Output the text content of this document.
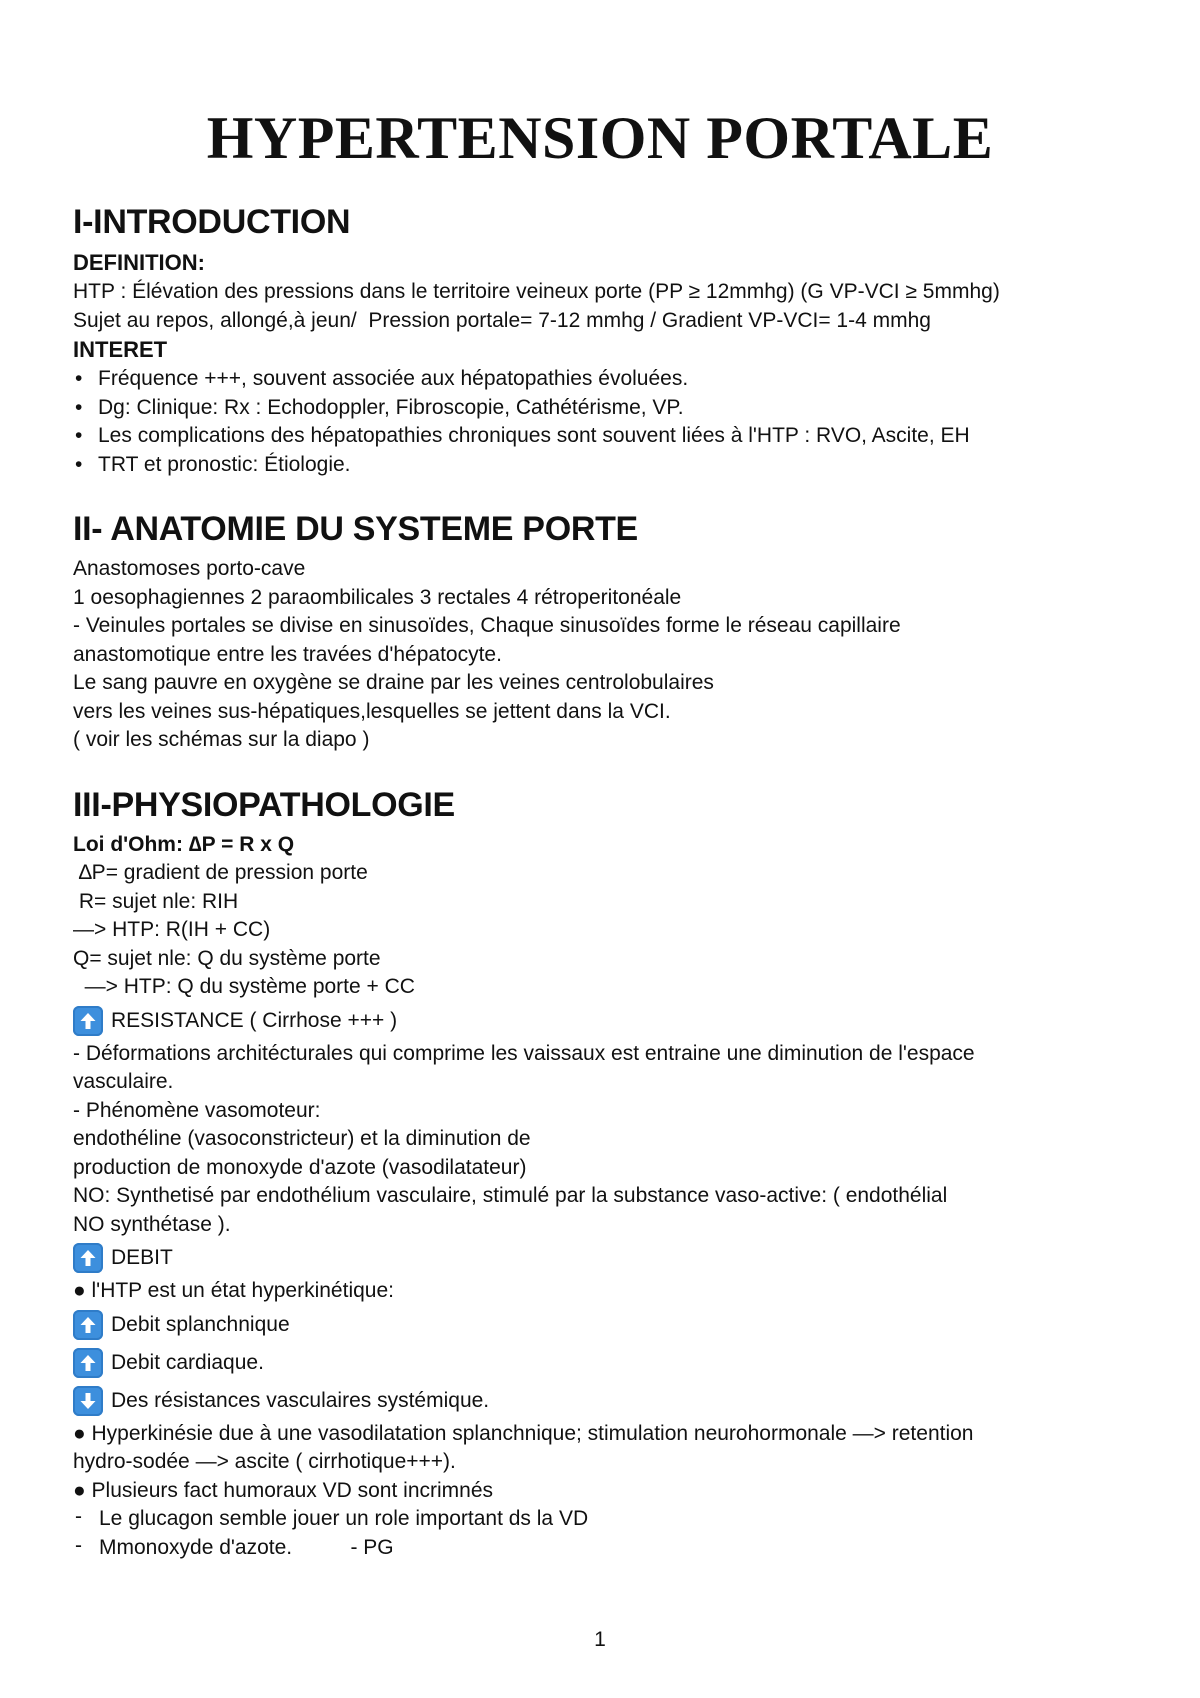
HYPERTENSION PORTALE
I-INTRODUCTION
DEFINITION:

HTP : Élévation des pressions dans le territoire veineux porte (PP ≥ 12mmhg) (G VP-VCI ≥ 5mmhg)

Sujet au repos, allongé,à jeun/  Pression portale= 7-12 mmhg / Gradient VP-VCI= 1-4 mmhg

INTERET
• Fréquence +++, souvent associée aux hépatopathies évoluées.
• Dg: Clinique: Rx : Echodoppler, Fibroscopie, Cathétérisme, VP.
• Les complications des hépatopathies chroniques sont souvent liées à l'HTP : RVO, Ascite, EH
• TRT et pronostic: Étiologie.
II- ANATOMIE DU SYSTEME PORTE

Anastomoses porto-cave

1 oesophagiennes 2 paraombilicales 3 rectales 4 rétroperitonéale

- Veinules portales se divise en sinusoïdes, Chaque sinusoïdes forme le réseau capillaire

anastomotique entre les travées d'hépatocyte.

Le sang pauvre en oxygène se draine par les veines centrolobulaires

vers les veines sus-hépatiques,lesquelles se jettent dans la VCI.

( voir les schémas sur la diapo )

III-PHYSIOPATHOLOGIE

Loi d'Ohm: ∆P = R x Q

∆P= gradient de pression porte

R= sujet nle: RIH

—> HTP: R(IH + CC)

Q= sujet nle: Q du système porte

—> HTP: Q du système porte + CC

RESISTANCE ( Cirrhose +++ )

- Déformations architécturales qui comprime les vaissaux est entraine une diminution de l'espace

vasculaire.

- Phénomène vasomoteur:

endothéline (vasoconstricteur) et la diminution de

production de monoxyde d'azote (vasodilatateur)

NO: Synthetisé par endothélium vasculaire, stimulé par la substance vaso-active: ( endothélial

NO synthétase ).

DEBIT

● l'HTP est un état hyperkinétique:

Debit splanchnique
Debit cardiaque.
Des résistances vasculaires systémique.

● Hyperkinésie due à une vasodilatation splanchnique; stimulation neurohormonale —> retention

hydro-sodée —> ascite ( cirrhotique+++).

● Plusieurs fact humoraux VD sont incrimnés

- Le glucagon semble jouer un role important ds la VD
- Mmonoxyde d'azote.          - PG
1
